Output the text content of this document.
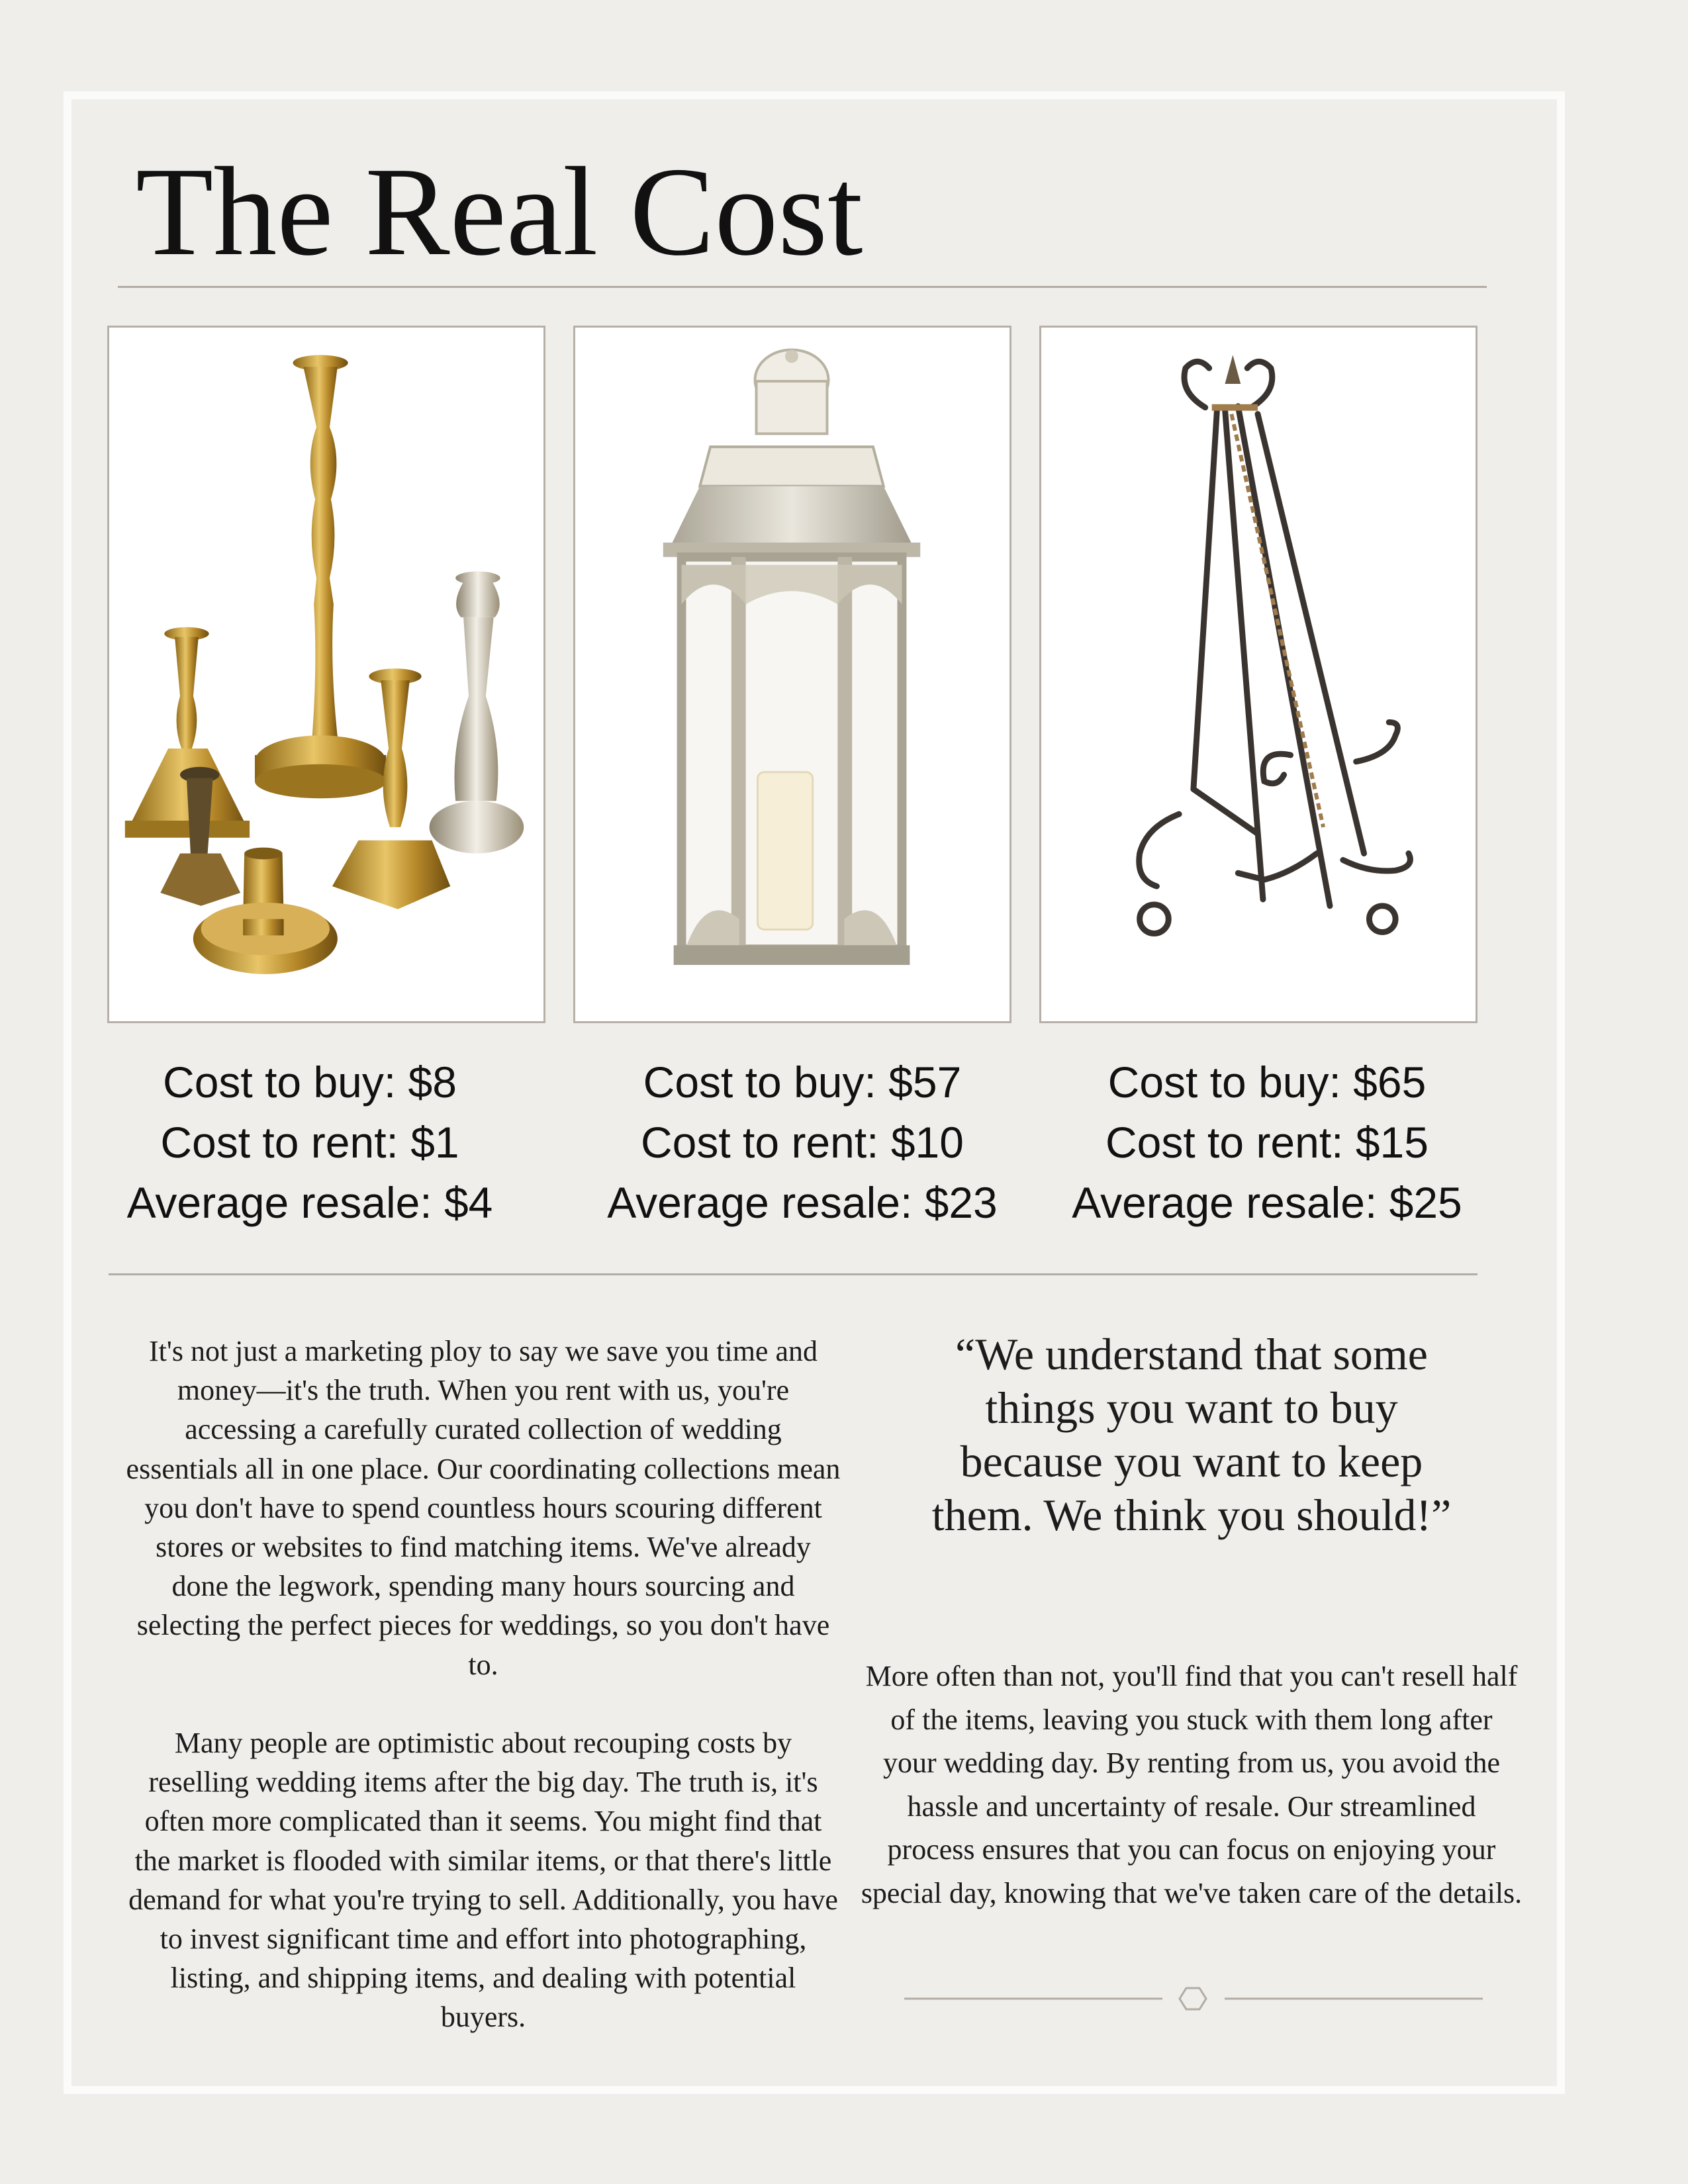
The Real Cost
Cost to buy: $8
Cost to rent: $1
Average resale: $4
Cost to buy: $57
Cost to rent: $10
Average resale: $23
Cost to buy: $65
Cost to rent: $15
Average resale: $25

It's not just a marketing ploy to say we save you time and money—it's the truth. When you rent with us, you're accessing a carefully curated collection of wedding essentials all in one place. Our coordinating collections mean you don't have to spend countless hours scouring different stores or websites to find matching items. We've already done the legwork, spending many hours sourcing and selecting the perfect pieces for weddings, so you don't have to.

Many people are optimistic about recouping costs by reselling wedding items after the big day. The truth is, it's often more complicated than it seems. You might find that the market is flooded with similar items, or that there's little demand for what you're trying to sell. Additionally, you have to invest significant time and effort into photographing, listing, and shipping items, and dealing with potential buyers.

“We understand that some things you want to buy because you want to keep them. We think you should!”

More often than not, you'll find that you can't resell half of the items, leaving you stuck with them long after your wedding day. By renting from us, you avoid the hassle and uncertainty of resale. Our streamlined process ensures that you can focus on enjoying your special day, knowing that we've taken care of the details.
